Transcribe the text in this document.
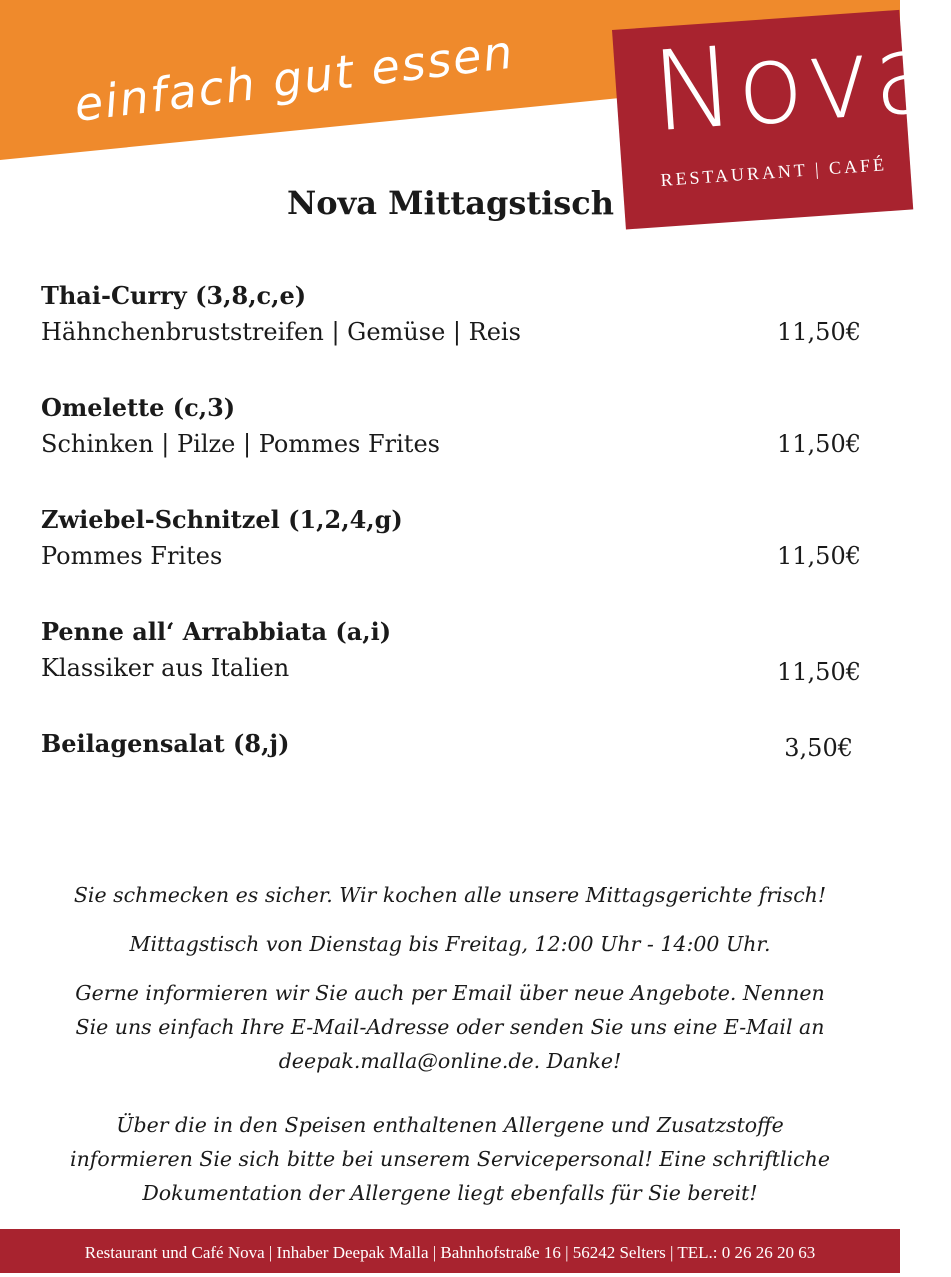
einfach gut essen Nova
RESTAURANT | CAFÉ
Nova Mittagstisch
Thai-Curry (3,8,c,e)
Hähnchenbruststreifen | Gemüse | Reis	11,50€
Omelette (c,3)
Schinken | Pilze | Pommes Frites	11,50€
Zwiebel-Schnitzel (1,2,4,g)
Pommes Frites	11,50€
Penne all‘ Arrabbiata (a,i)
Klassiker aus Italien	11,50€
Beilagensalat (8,j)	3,50€

Sie schmecken es sicher. Wir kochen alle unsere Mittagsgerichte frisch!

Mittagstisch von Dienstag bis Freitag, 12:00 Uhr - 14:00 Uhr.

Gerne informieren wir Sie auch per Email über neue Angebote. Nennen Sie uns einfach Ihre E-Mail-Adresse oder senden Sie uns eine E-Mail an deepak.malla@online.de. Danke!

Über die in den Speisen enthaltenen Allergene und Zusatzstoffe informieren Sie sich bitte bei unserem Servicepersonal! Eine schriftliche Dokumentation der Allergene liegt ebenfalls für Sie bereit!

Restaurant und Café Nova | Inhaber Deepak Malla | Bahnhofstraße 16 | 56242 Selters | TEL.: 0 26 26 20 63
